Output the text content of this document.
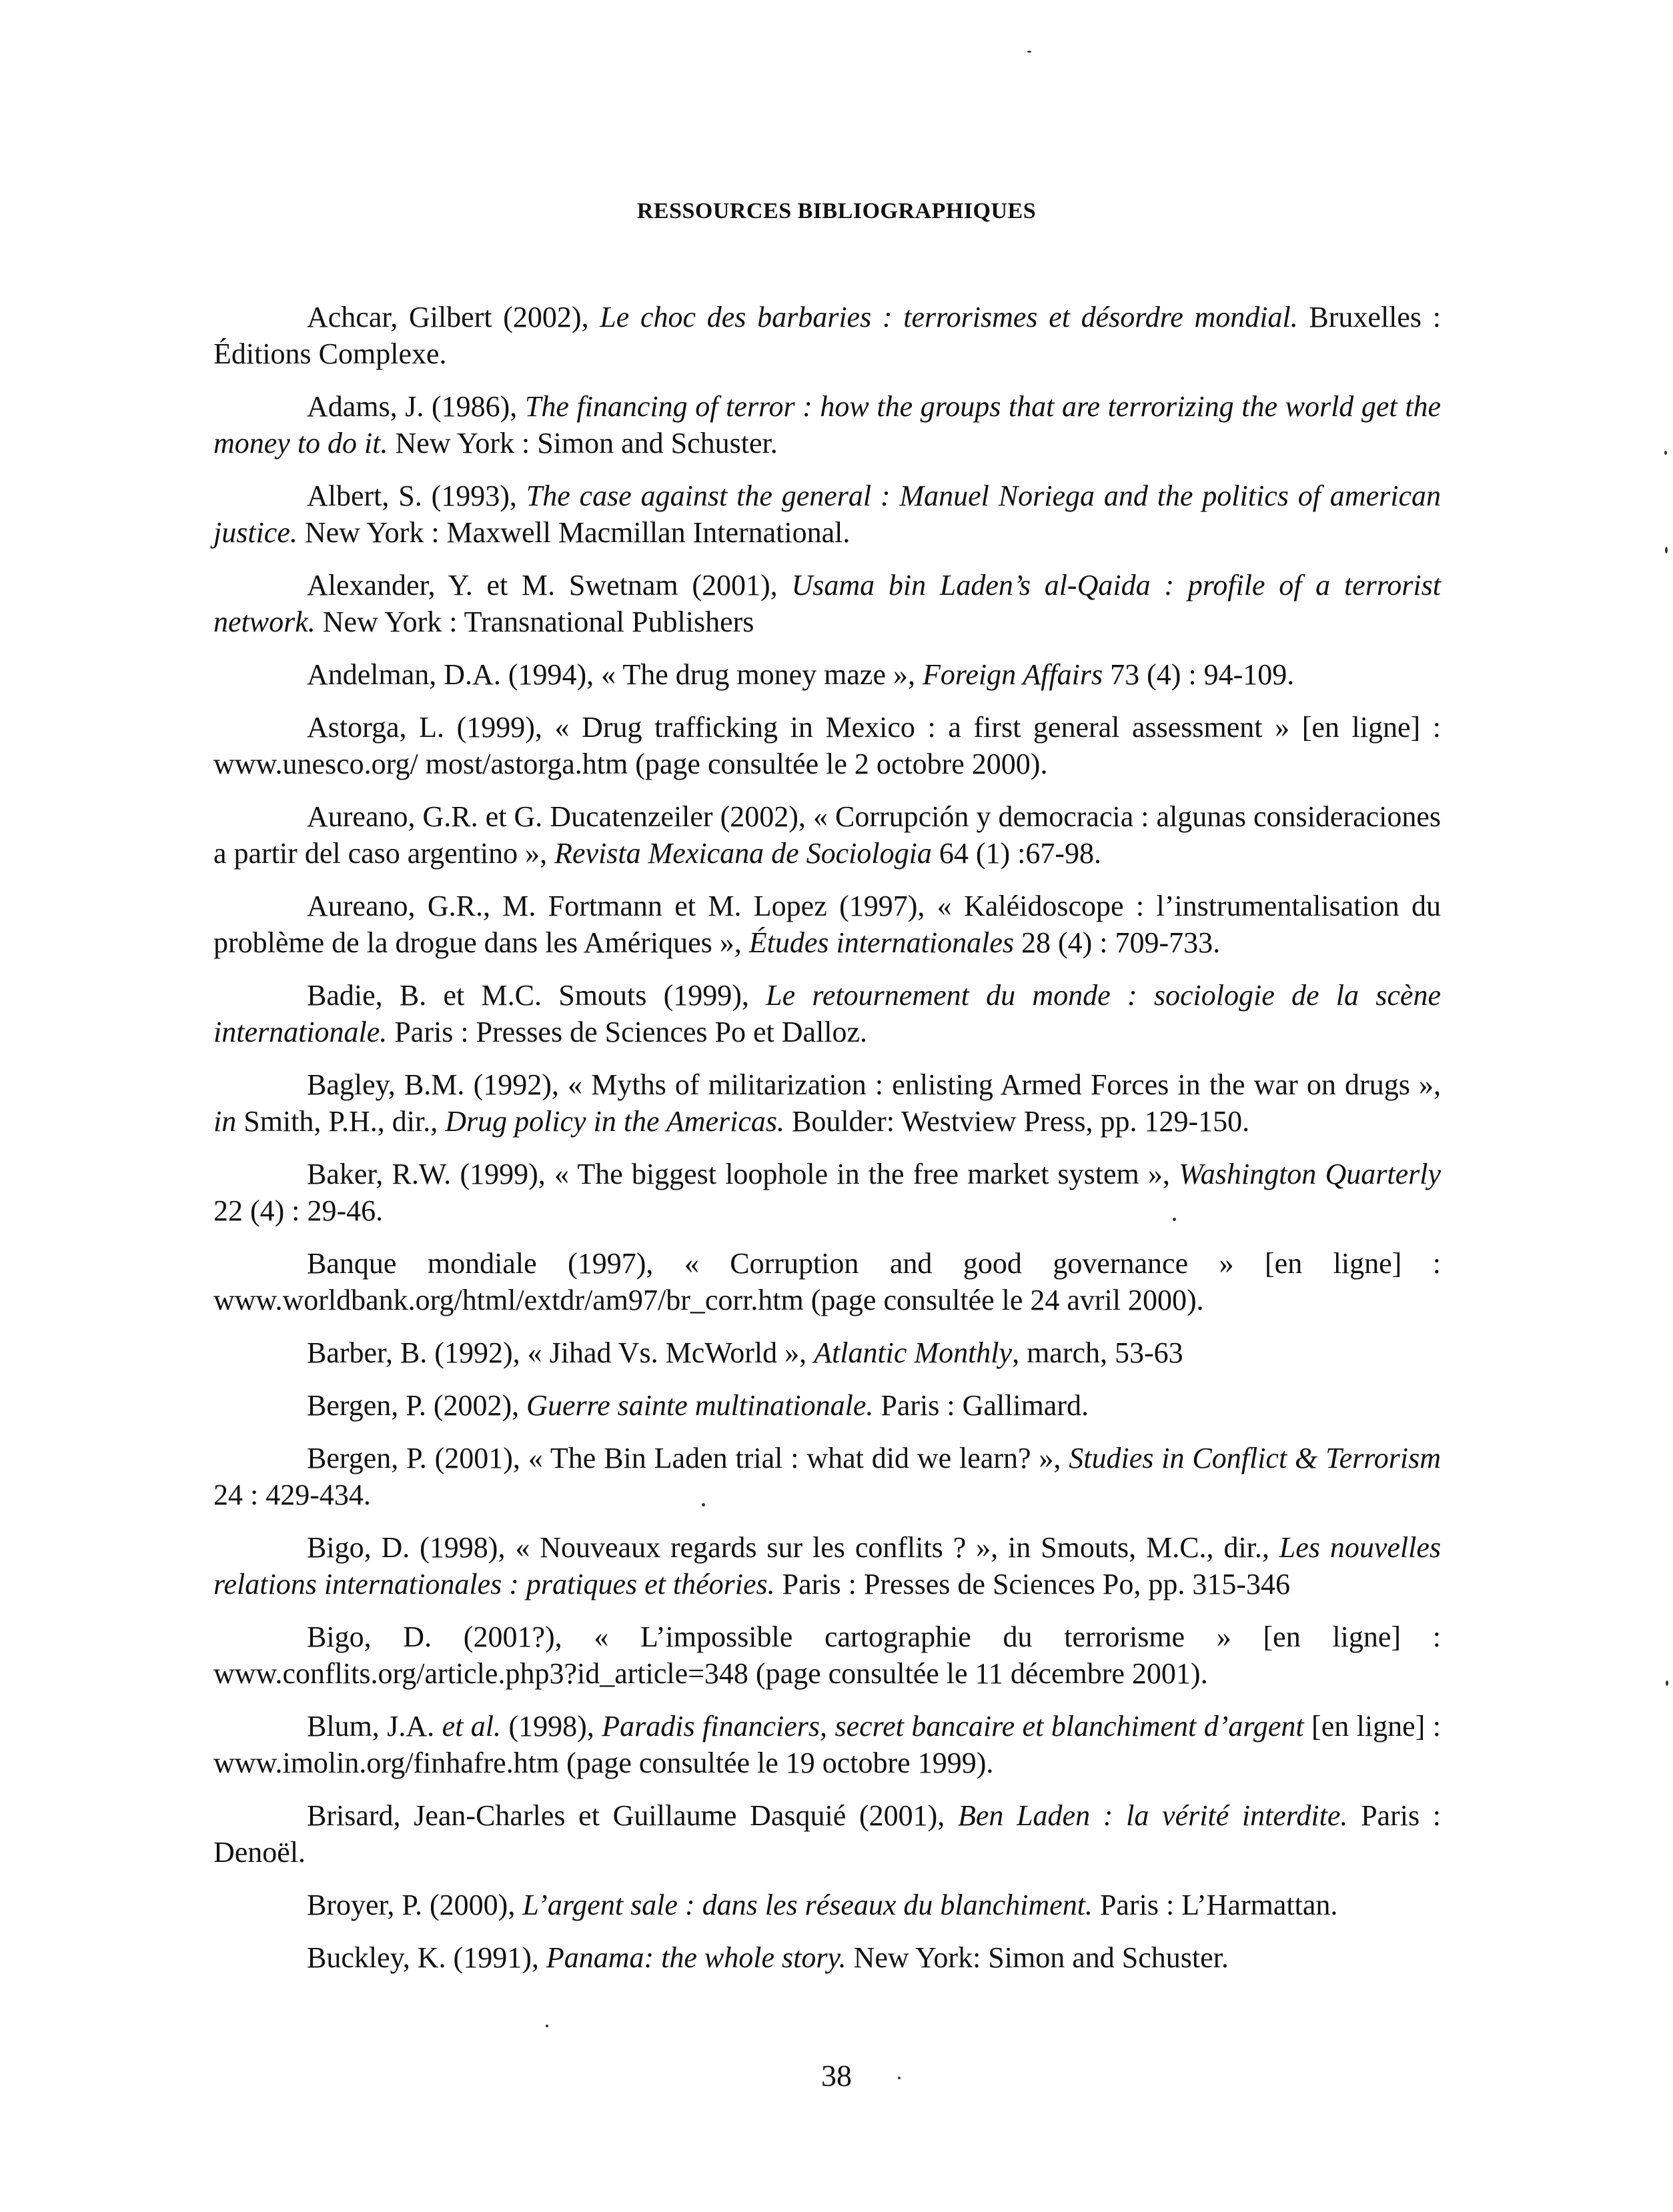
RESSOURCES BIBLIOGRAPHIQUES

Achcar, Gilbert (2002), Le choc des barbaries : terrorismes et désordre mondial. Bruxelles : Éditions Complexe.

Adams, J. (1986), The financing of terror : how the groups that are terrorizing the world get the money to do it. New York : Simon and Schuster.

Albert, S. (1993), The case against the general : Manuel Noriega and the politics of american justice. New York : Maxwell Macmillan International.

Alexander, Y. et M. Swetnam (2001), Usama bin Laden’s al-Qaida : profile of a terrorist network. New York : Transnational Publishers

Andelman, D.A. (1994), « The drug money maze », Foreign Affairs 73 (4) : 94-109.

Astorga, L. (1999), « Drug trafficking in Mexico : a first general assessment » [en ligne] : www.unesco.org/ most/astorga.htm (page consultée le 2 octobre 2000).

Aureano, G.R. et G. Ducatenzeiler (2002), « Corrupción y democracia : algunas consideraciones a partir del caso argentino », Revista Mexicana de Sociologia 64 (1) :67-98.

Aureano, G.R., M. Fortmann et M. Lopez (1997), « Kaléidoscope : l’instrumentalisation du problème de la drogue dans les Amériques », Études internationales 28 (4) : 709-733.

Badie, B. et M.C. Smouts (1999), Le retournement du monde : sociologie de la scène internationale. Paris : Presses de Sciences Po et Dalloz.

Bagley, B.M. (1992), « Myths of militarization : enlisting Armed Forces in the war on drugs », in Smith, P.H., dir., Drug policy in the Americas. Boulder: Westview Press, pp. 129-150.

Baker, R.W. (1999), « The biggest loophole in the free market system », Washington Quarterly 22 (4) : 29-46.

Banque mondiale (1997), « Corruption and good governance » [en ligne] : www.worldbank.org/html/extdr/am97/br_corr.htm (page consultée le 24 avril 2000).

Barber, B. (1992), « Jihad Vs. McWorld », Atlantic Monthly, march, 53-63

Bergen, P. (2002), Guerre sainte multinationale. Paris : Gallimard.

Bergen, P. (2001), « The Bin Laden trial : what did we learn? », Studies in Conflict & Terrorism 24 : 429-434.

Bigo, D. (1998), « Nouveaux regards sur les conflits ? », in Smouts, M.C., dir., Les nouvelles relations internationales : pratiques et théories. Paris : Presses de Sciences Po, pp. 315-346

Bigo, D. (2001?), « L’impossible cartographie du terrorisme » [en ligne] : www.conflits.org/article.php3?id_article=348 (page consultée le 11 décembre 2001).

Blum, J.A. et al. (1998), Paradis financiers, secret bancaire et blanchiment d’argent [en ligne] : www.imolin.org/finhafre.htm (page consultée le 19 octobre 1999).

Brisard, Jean-Charles et Guillaume Dasquié (2001), Ben Laden : la vérité interdite. Paris : Denoël.

Broyer, P. (2000), L’argent sale : dans les réseaux du blanchiment. Paris : L’Harmattan.

Buckley, K. (1991), Panama: the whole story. New York: Simon and Schuster.

38
